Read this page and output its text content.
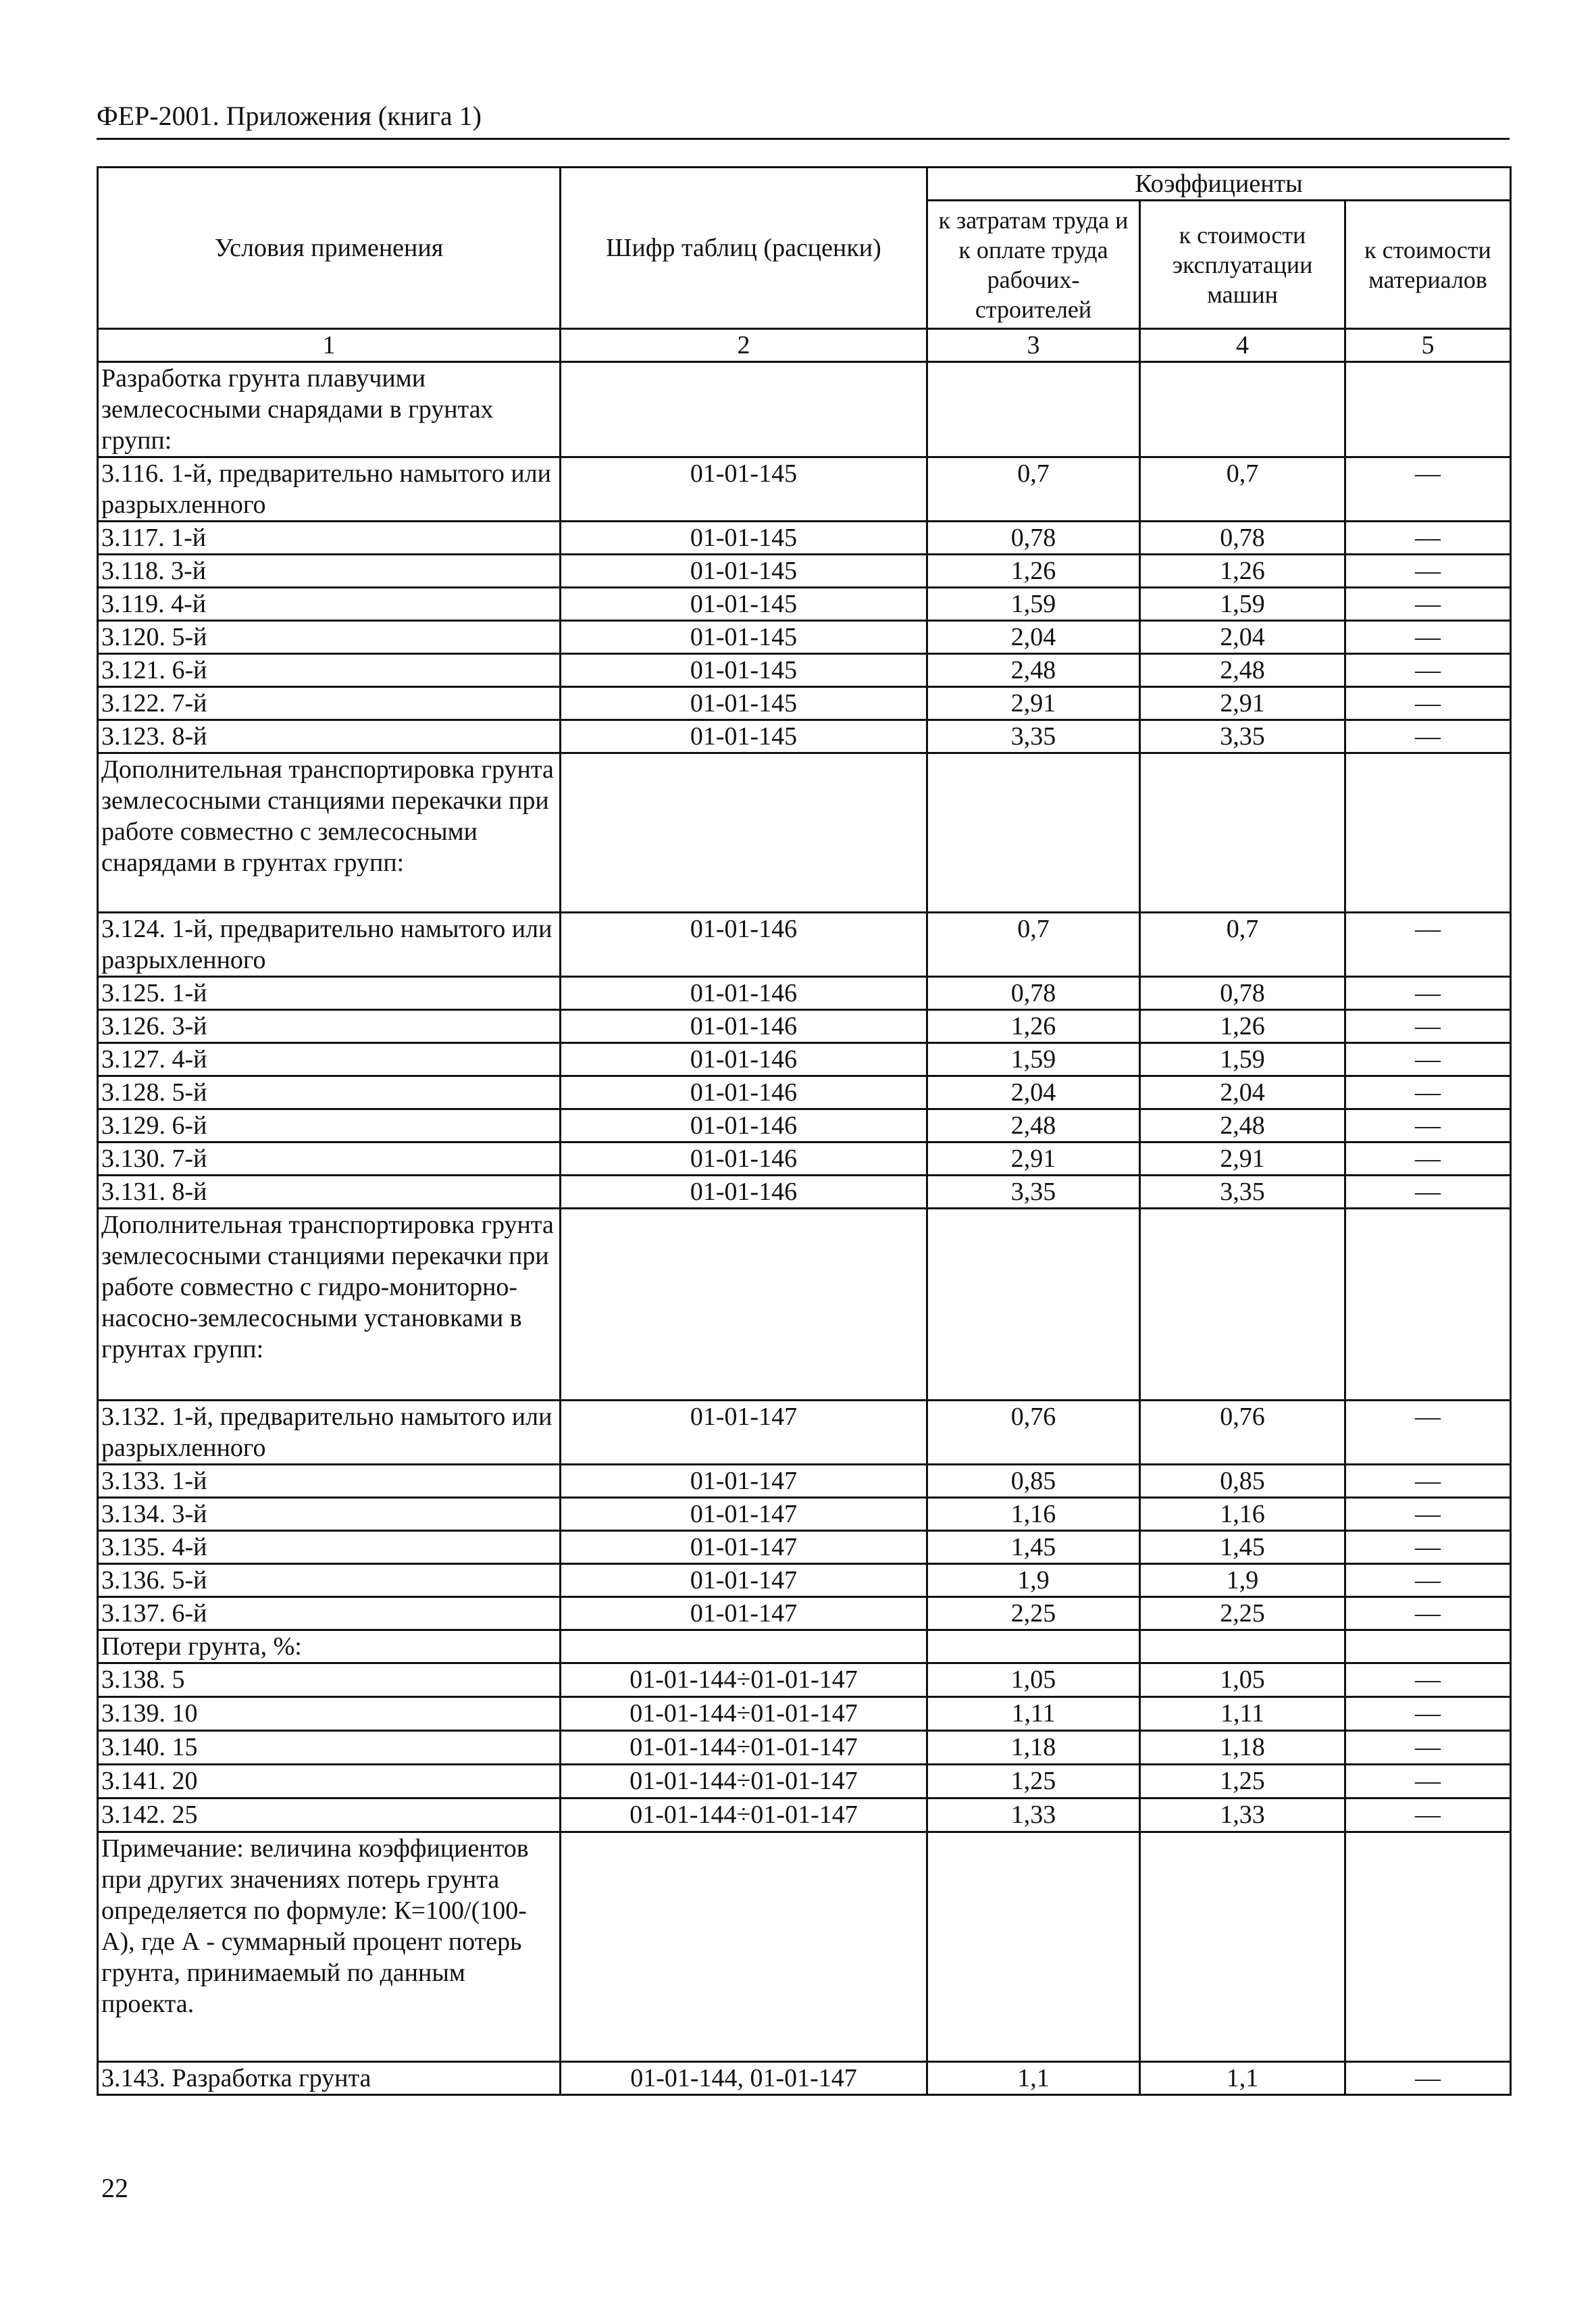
ФЕР-2001. Приложения (книга 1)
Условия применения	Шифр таблиц (расценки)	Коэффициенты		
		к затратам труда и к оплате труда рабочих-строителей	к стоимости эксплуатации машин	к стоимости материалов
1	2	3	4	5
Разработка грунта плавучими землесосными снарядами в грунтах групп:				
3.116. 1-й, предварительно намытого или разрыхленного	01-01-145	0,7	0,7	—
3.117. 1-й	01-01-145	0,78	0,78	—
3.118. 3-й	01-01-145	1,26	1,26	—
3.119. 4-й	01-01-145	1,59	1,59	—
3.120. 5-й	01-01-145	2,04	2,04	—
3.121. 6-й	01-01-145	2,48	2,48	—
3.122. 7-й	01-01-145	2,91	2,91	—
3.123. 8-й	01-01-145	3,35	3,35	—
Дополнительная транспортировка грунта землесосными станциями перекачки при работе совместно с землесосными снарядами в грунтах групп:				
3.124. 1-й, предварительно намытого или разрыхленного	01-01-146	0,7	0,7	—
3.125. 1-й	01-01-146	0,78	0,78	—
3.126. 3-й	01-01-146	1,26	1,26	—
3.127. 4-й	01-01-146	1,59	1,59	—
3.128. 5-й	01-01-146	2,04	2,04	—
3.129. 6-й	01-01-146	2,48	2,48	—
3.130. 7-й	01-01-146	2,91	2,91	—
3.131. 8-й	01-01-146	3,35	3,35	—
Дополнительная транспортировка грунта землесосными станциями перекачки при работе совместно с гидро-мониторно-насосно-землесосными установками в грунтах групп:				
3.132. 1-й, предварительно намытого или разрыхленного	01-01-147	0,76	0,76	—
3.133. 1-й	01-01-147	0,85	0,85	—
3.134. 3-й	01-01-147	1,16	1,16	—
3.135. 4-й	01-01-147	1,45	1,45	—
3.136. 5-й	01-01-147	1,9	1,9	—
3.137. 6-й	01-01-147	2,25	2,25	—
Потери грунта, %:				
3.138. 5	01-01-144÷01-01-147	1,05	1,05	—
3.139. 10	01-01-144÷01-01-147	1,11	1,11	—
3.140. 15	01-01-144÷01-01-147	1,18	1,18	—
3.141. 20	01-01-144÷01-01-147	1,25	1,25	—
3.142. 25	01-01-144÷01-01-147	1,33	1,33	—
Примечание: величина коэффициентов при других значениях потерь грунта определяется по формуле: К=100/(100-А), где А - суммарный процент потерь грунта, принимаемый по данным проекта.				
3.143. Разработка грунта	01-01-144, 01-01-147	1,1	1,1	—
22
